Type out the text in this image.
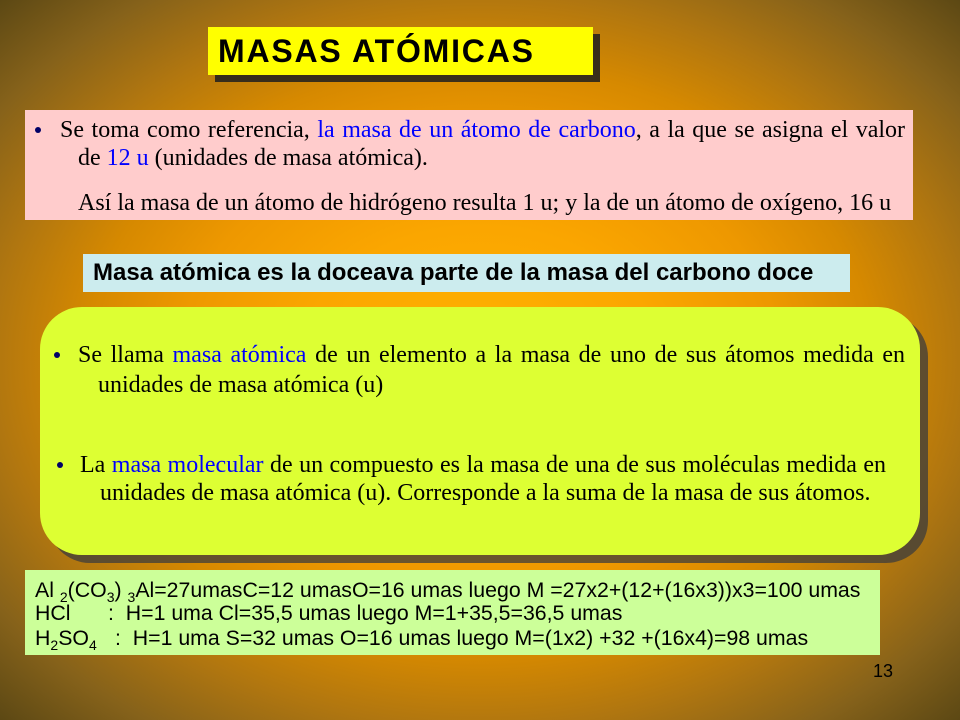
MASAS ATÓMICAS
Se toma como referencia, la masa de un átomo de carbono, a la que se asigna el valor
de 12 u (unidades de masa atómica).
Así la masa de un átomo de hidrógeno resulta 1 u; y la de un átomo de oxígeno, 16 u
Masa atómica es la doceava parte de la masa del carbono doce
Se llama masa atómica de un elemento a la masa de uno de sus átomos medida en
unidades de masa atómica (u)
La masa molecular de un compuesto es la masa de una de sus moléculas medida en
unidades de masa atómica (u). Corresponde a la suma de la masa de sus átomos.
Al $_2(CO_3)$ $_3$Al=27umasC=12 umasO=16 umas luego M =27x2+(12+(16x3))x3=100 umas
HCl :  H=1 uma Cl=35,5 umas luego M=1+35,5=36,5 umas
$H_2SO_4$ :  H=1 uma S=32 umas O=16 umas luego M=(1x2) +32 +(16x4)=98 umas
13
